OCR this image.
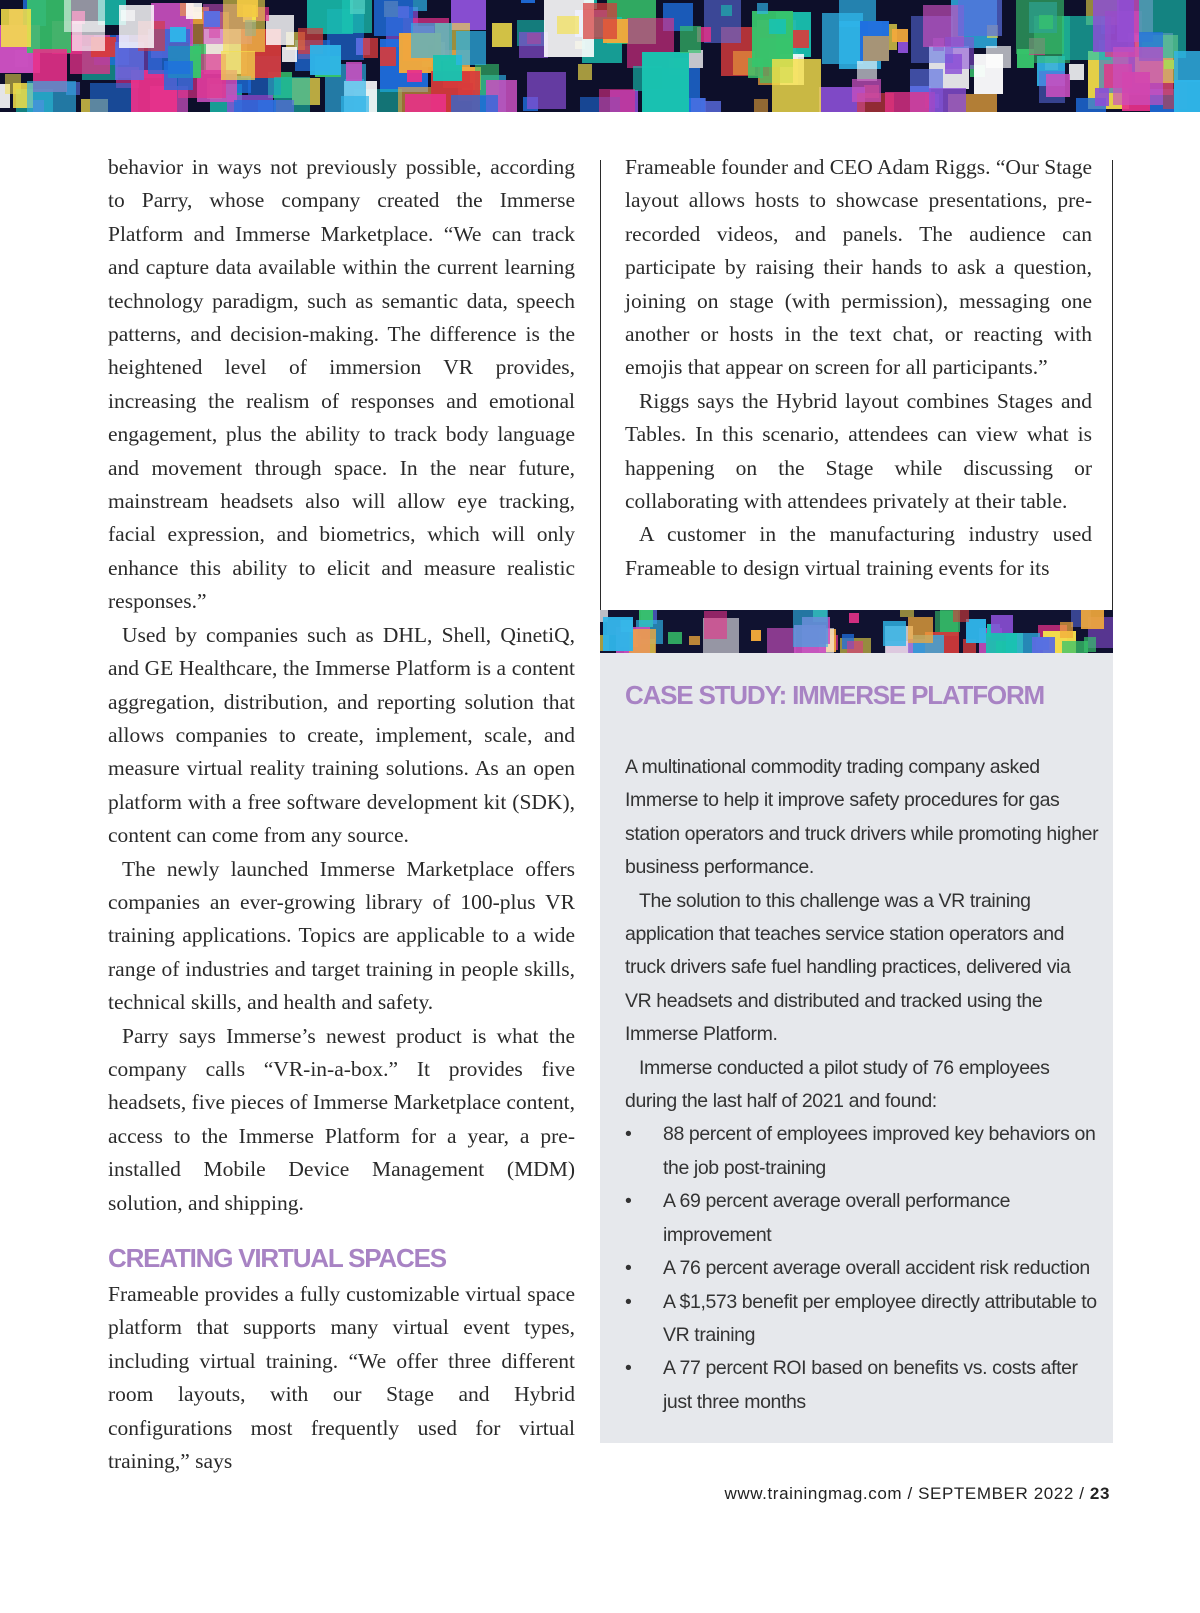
behavior in ways not previously possible, according to Parry, whose company created the Immerse Platform and Immerse Marketplace. “We can track and capture data available within the current learning technology paradigm, such as semantic data, speech patterns, and decision-making. The difference is the heightened level of immersion VR provides, increasing the realism of responses and emotional engagement, plus the ability to track body language and movement through space. In the near future, mainstream headsets also will allow eye tracking, facial expression, and biometrics, which will only enhance this ability to elicit and measure realistic responses.”

Used by companies such as DHL, Shell, QinetiQ, and GE Healthcare, the Immerse Platform is a content aggregation, distribution, and reporting solution that allows companies to create, implement, scale, and measure virtual reality training solutions. As an open platform with a free software development kit (SDK), content can come from any source.

The newly launched Immerse Marketplace offers companies an ever-growing library of 100-plus VR training applications. Topics are applicable to a wide range of industries and target training in people skills, technical skills, and health and safety.

Parry says Immerse’s newest product is what the company calls “VR-in-a-box.” It provides five headsets, five pieces of Immerse Marketplace content, access to the Immerse Platform for a year, a pre-installed Mobile Device Management (MDM) solution, and shipping.

CREATING VIRTUAL SPACES

Frameable provides a fully customizable virtual space platform that supports many virtual event types, including virtual training. “We offer three different room layouts, with our Stage and Hybrid configurations most frequently used for virtual training,” says

Frameable founder and CEO Adam Riggs. “Our Stage layout allows hosts to showcase presentations, pre-recorded videos, and panels. The audience can participate by raising their hands to ask a question, joining on stage (with permission), messaging one another or hosts in the text chat, or reacting with emojis that appear on screen for all participants.”

Riggs says the Hybrid layout combines Stages and Tables. In this scenario, attendees can view what is happening on the Stage while discussing or collaborating with attendees privately at their table.

A customer in the manufacturing industry used Frameable to design virtual training events for its

CASE STUDY: IMMERSE PLATFORM

A multinational commodity trading company asked Immerse to help it improve safety procedures for gas station operators and truck drivers while promoting higher business performance.

The solution to this challenge was a VR training application that teaches service station operators and truck drivers safe fuel handling practices, delivered via VR headsets and distributed and tracked using the Immerse Platform.

Immerse conducted a pilot study of 76 employees during the last half of 2021 and found:

• 88 percent of employees improved key behaviors on the job post-training
• A 69 percent average overall performance improvement
• A 76 percent average overall accident risk reduction
• A $1,573 benefit per employee directly attributable to VR training
• A 77 percent ROI based on benefits vs. costs after just three months
www.trainingmag.com / SEPTEMBER 2022 / 23
